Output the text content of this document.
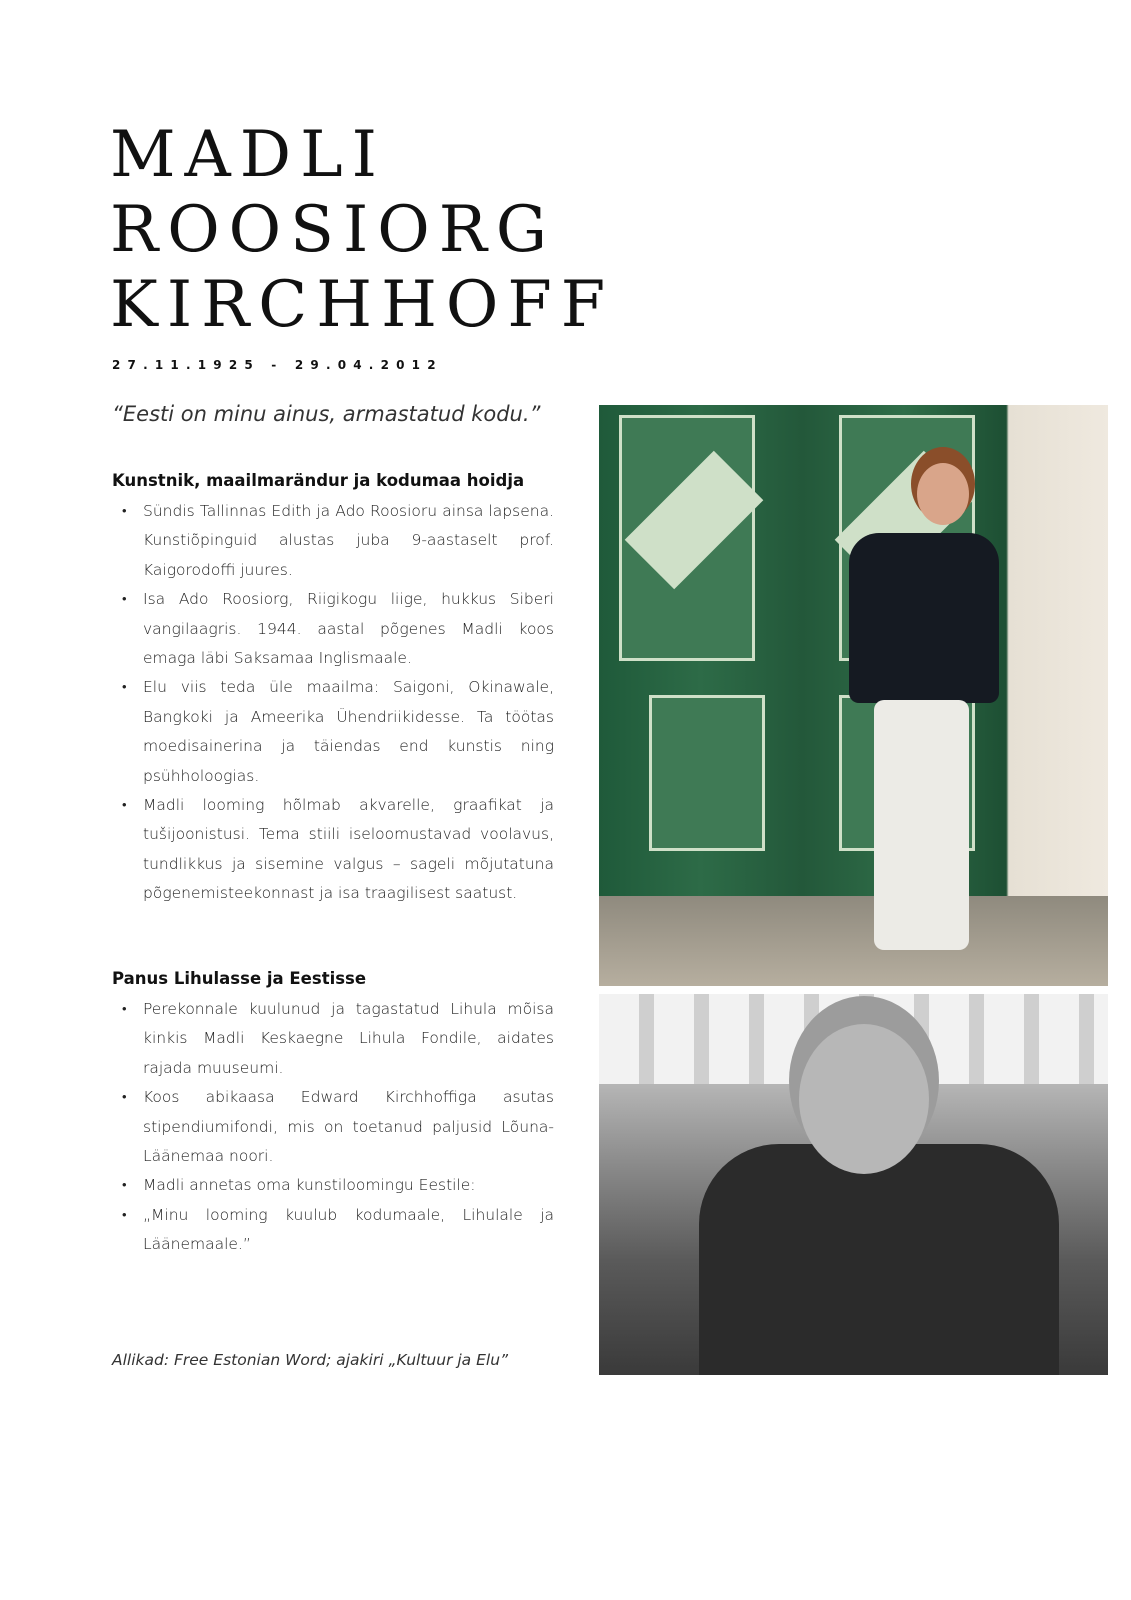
MADLI
ROOSIORG
KIRCHHOFF
27.11.1925 - 29.04.2012
“Eesti on minu ainus, armastatud kodu.”
Kunstnik, maailmarändur ja kodumaa hoidja
• Sündis Tallinnas Edith ja Ado Roosioru ainsa lapsena. Kunstiõpinguid alustas juba 9-aastaselt prof. Kaigorodoffi juures.
• Isa Ado Roosiorg, Riigikogu liige, hukkus Siberi vangilaagris. 1944. aastal põgenes Madli koos emaga läbi Saksamaa Inglismaale.
• Elu viis teda üle maailma: Saigoni, Okinawale, Bangkoki ja Ameerika Ühendriikidesse. Ta töötas moedisainerina ja täiendas end kunstis ning psühholoogias.
• Madli looming hõlmab akvarelle, graafikat ja tušijoonistusi. Tema stiili iseloomustavad voolavus, tundlikkus ja sisemine valgus – sageli mõjutatuna põgenemisteekonnast ja isa traagilisest saatust.
Panus Lihulasse ja Eestisse
• Perekonnale kuulunud ja tagastatud Lihula mõisa kinkis Madli Keskaegne Lihula Fondile, aidates rajada muuseumi.
• Koos abikaasa Edward Kirchhoffiga asutas stipendiumifondi, mis on toetanud paljusid Lõuna-Läänemaa noori.
• Madli annetas oma kunstiloomingu Eestile:
• „Minu looming kuulub kodumaale, Lihulale ja Läänemaale.”
Allikad: Free Estonian Word; ajakiri „Kultuur ja Elu”
